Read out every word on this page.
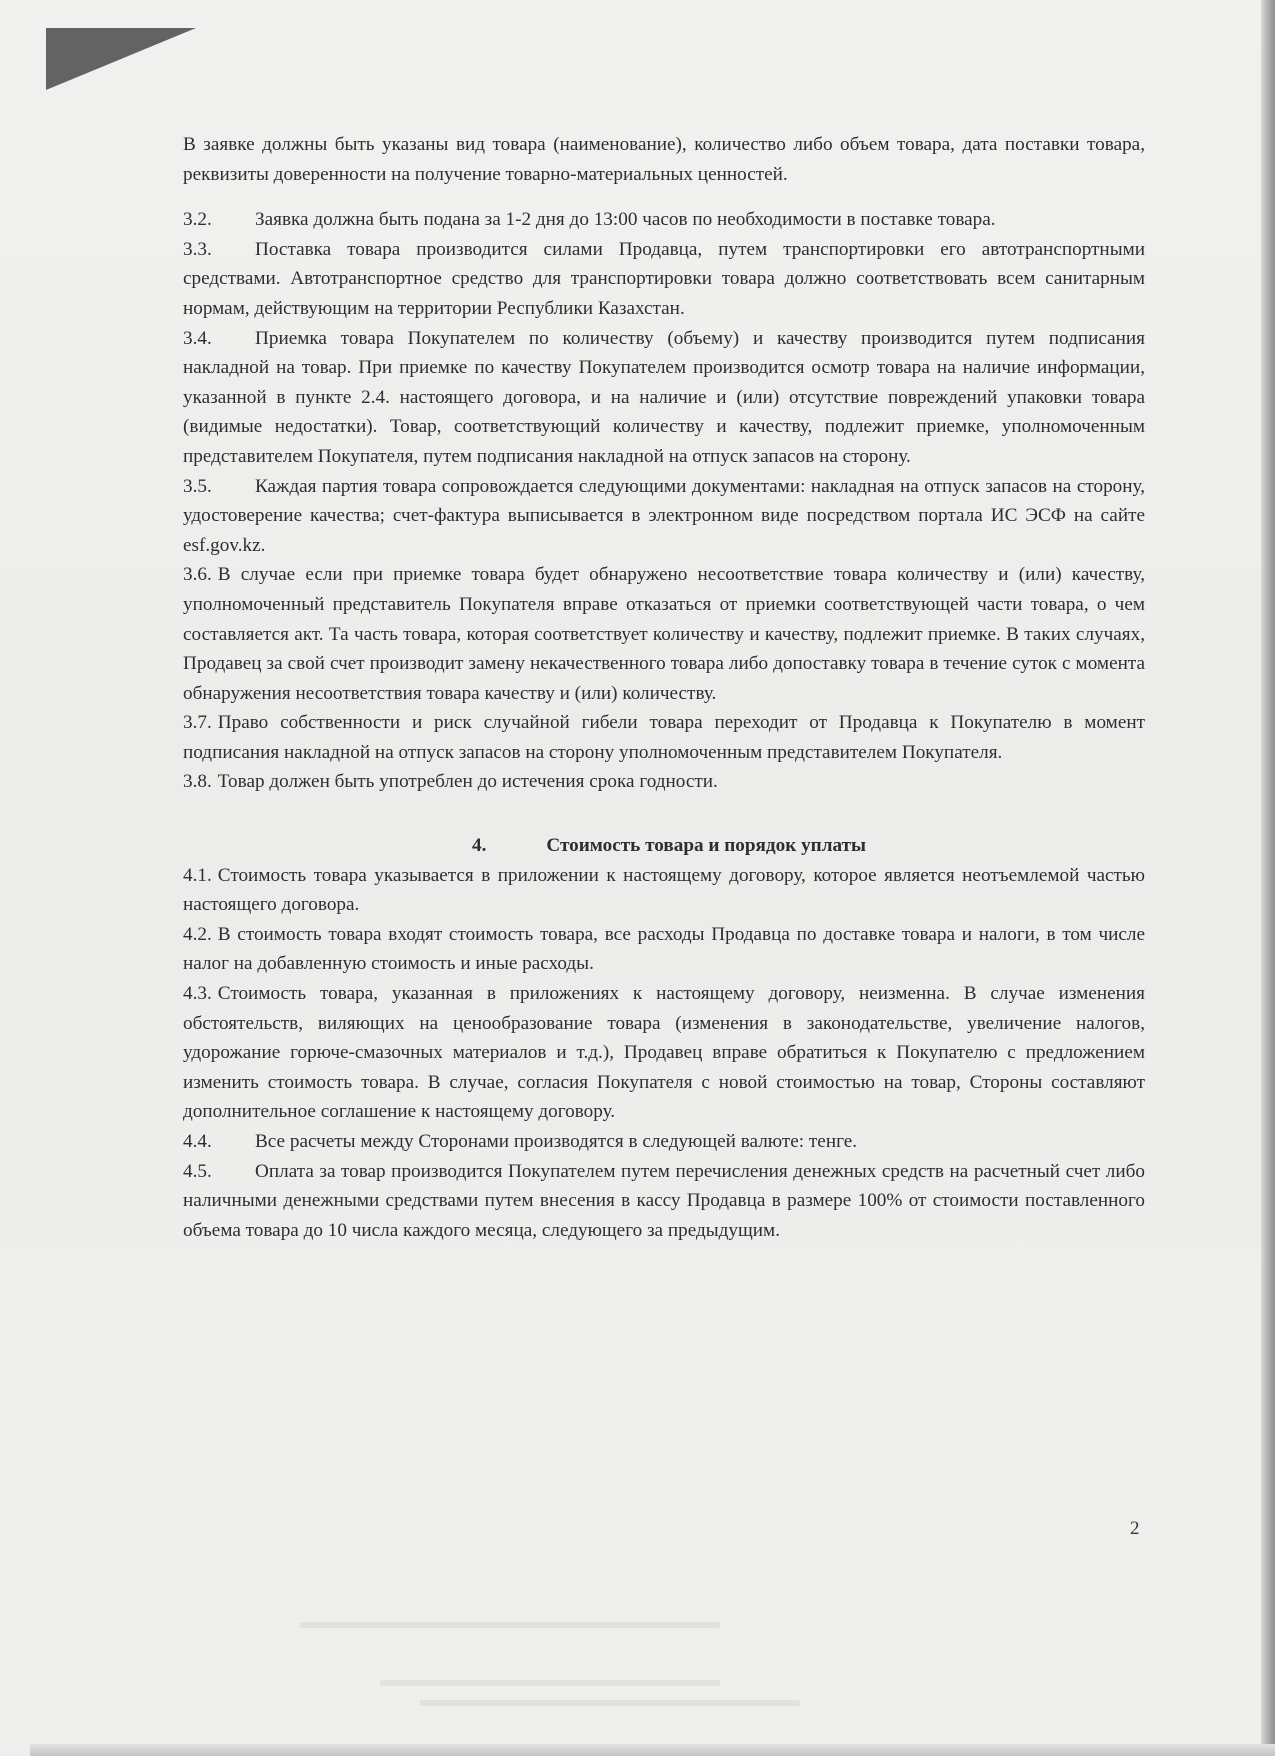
В заявке должны быть указаны вид товара (наименование), количество либо объем товара, дата поставки товара, реквизиты доверенности на получение товарно-материальных ценностей.

3.2. Заявка должна быть подана за 1-2 дня до 13:00 часов по необходимости в поставке товара.

3.3. Поставка товара производится силами Продавца, путем транспортировки его автотранспортными средствами. Автотранспортное средство для транспортировки товара должно соответствовать всем санитарным нормам, действующим на территории Республики Казахстан.

3.4. Приемка товара Покупателем по количеству (объему) и качеству производится путем подписания накладной на товар. При приемке по качеству Покупателем производится осмотр товара на наличие информации, указанной в пункте 2.4. настоящего договора, и на наличие и (или) отсутствие повреждений упаковки товара (видимые недостатки). Товар, соответствующий количеству и качеству, подлежит приемке, уполномоченным представителем Покупателя, путем подписания накладной на отпуск запасов на сторону.

3.5. Каждая партия товара сопровождается следующими документами: накладная на отпуск запасов на сторону, удостоверение качества; счет-фактура выписывается в электронном виде посредством портала ИС ЭСФ на сайте esf.gov.kz.

3.6. В случае если при приемке товара будет обнаружено несоответствие товара количеству и (или) качеству, уполномоченный представитель Покупателя вправе отказаться от приемки соответствующей части товара, о чем составляется акт. Та часть товара, которая соответствует количеству и качеству, подлежит приемке. В таких случаях, Продавец за свой счет производит замену некачественного товара либо допоставку товара в течение суток с момента обнаружения несоответствия товара качеству и (или) количеству.

3.7. Право собственности и риск случайной гибели товара переходит от Продавца к Покупателю в момент подписания накладной на отпуск запасов на сторону уполномоченным представителем Покупателя.

3.8. Товар должен быть употреблен до истечения срока годности.

4.	Стоимость товара и порядок уплаты

4.1. Стоимость товара указывается в приложении к настоящему договору, которое является неотъемлемой частью настоящего договора.

4.2. В стоимость товара входят стоимость товара, все расходы Продавца по доставке товара и налоги, в том числе налог на добавленную стоимость и иные расходы.

4.3. Стоимость товара, указанная в приложениях к настоящему договору, неизменна. В случае изменения обстоятельств, виляющих на ценообразование товара (изменения в законодательстве, увеличение налогов, удорожание горюче-смазочных материалов и т.д.), Продавец вправе обратиться к Покупателю с предложением изменить стоимость товара. В случае, согласия Покупателя с новой стоимостью на товар, Стороны составляют дополнительное соглашение к настоящему договору.

4.4. Все расчеты между Сторонами производятся в следующей валюте: тенге.

4.5. Оплата за товар производится Покупателем путем перечисления денежных средств на расчетный счет либо наличными денежными средствами путем внесения в кассу Продавца в размере 100% от стоимости поставленного объема товара до 10 числа каждого месяца, следующего за предыдущим.

2
